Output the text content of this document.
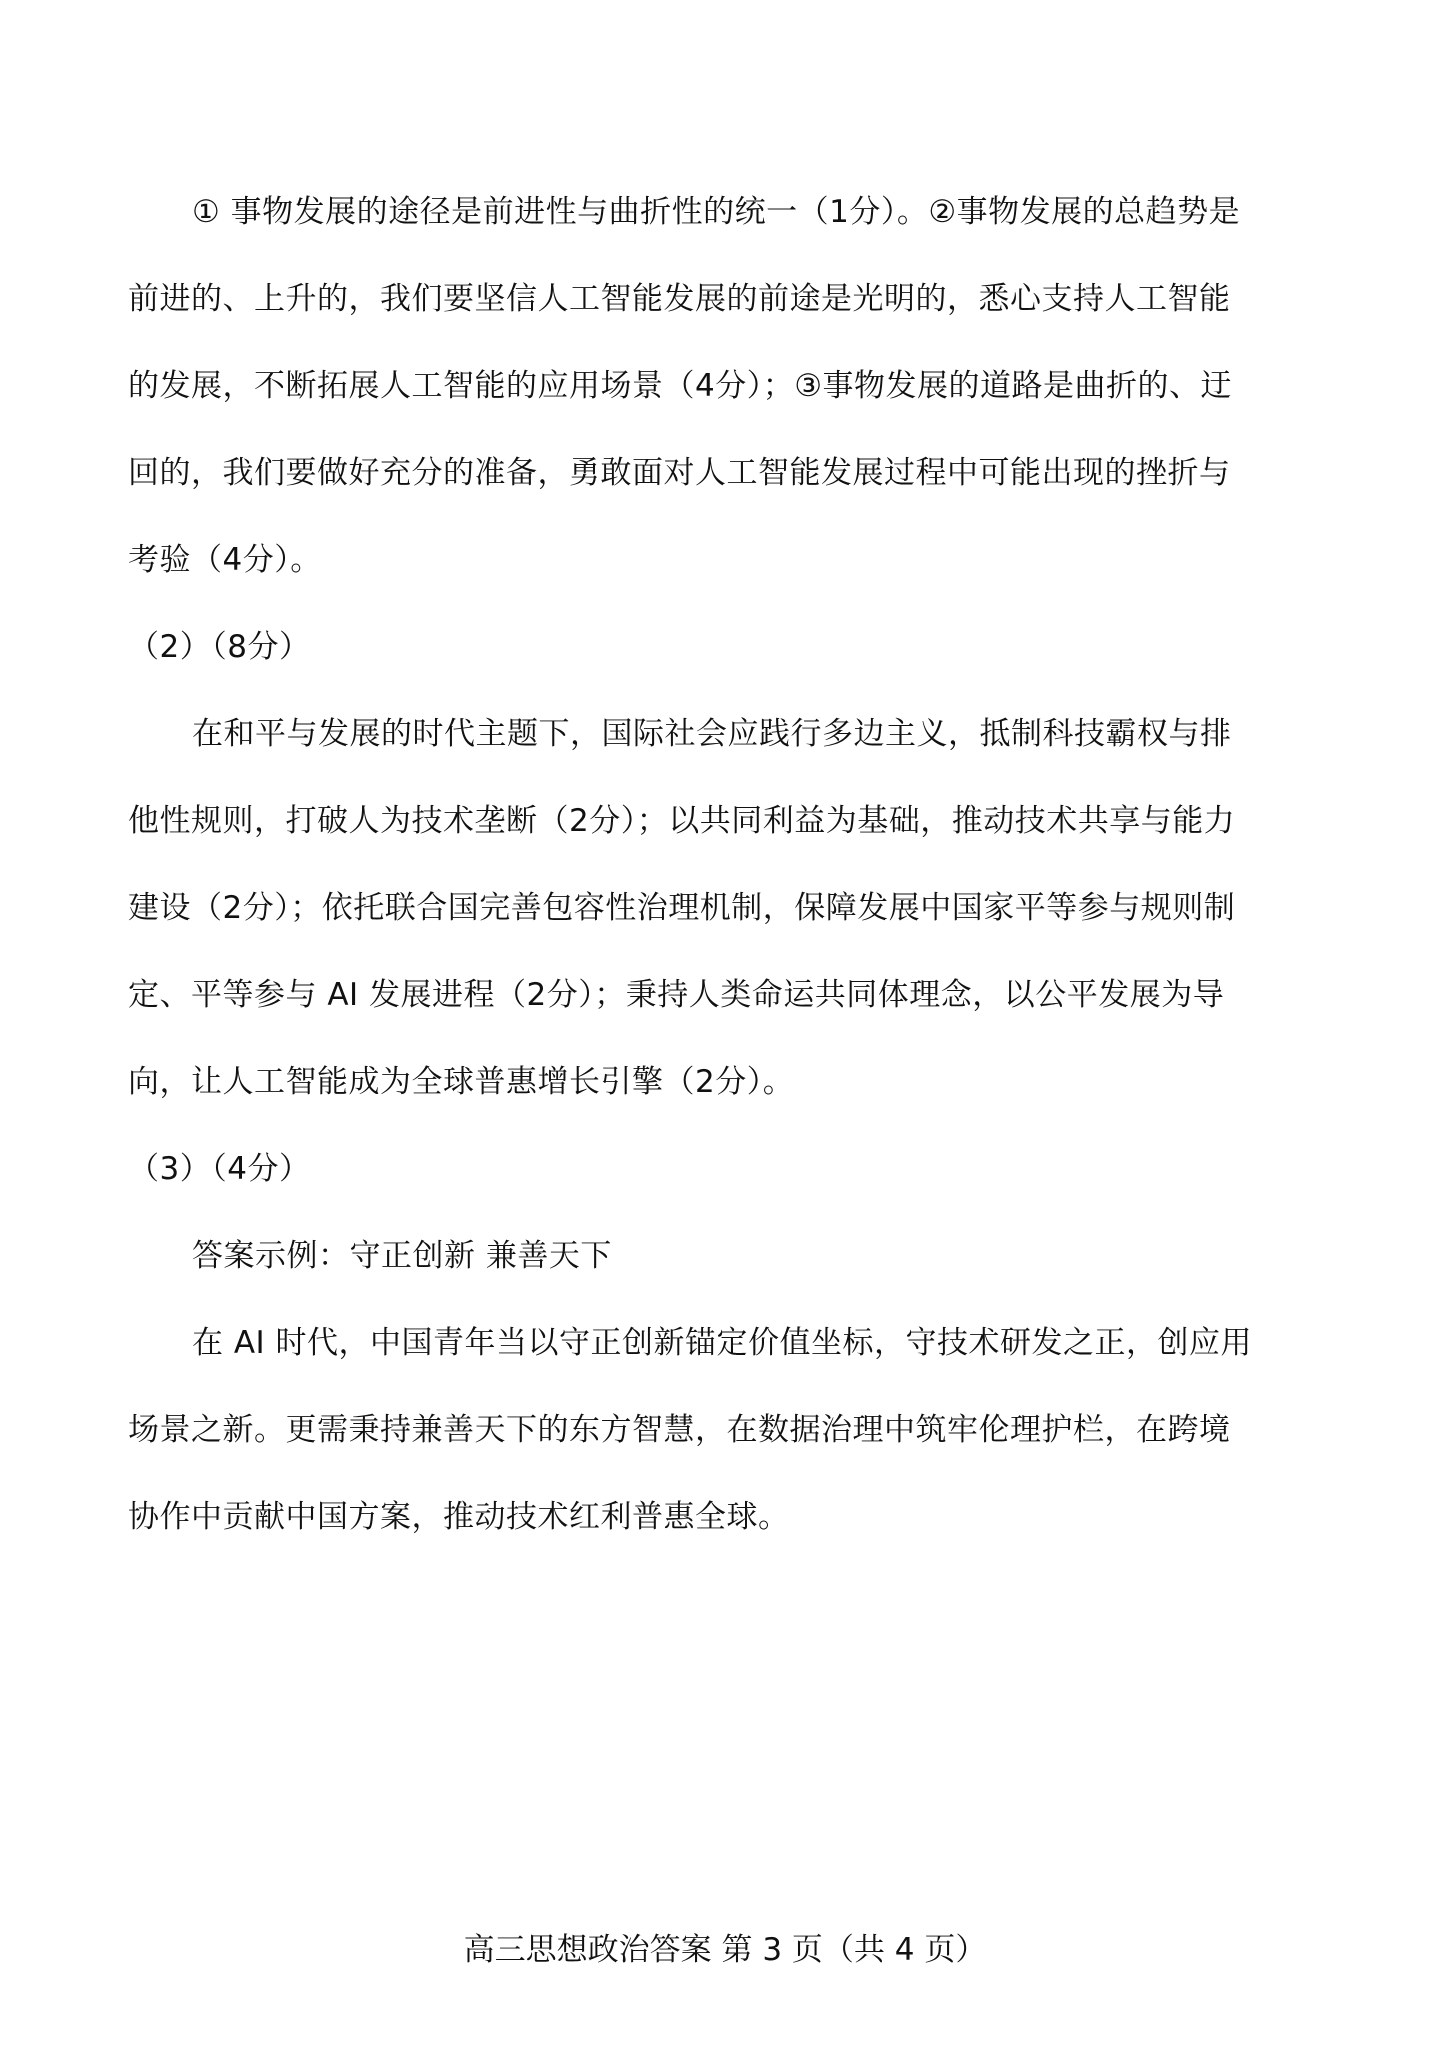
① 事物发展的途径是前进性与曲折性的统一（1分）。②事物发展的总趋势是
前进的、上升的，我们要坚信人工智能发展的前途是光明的，悉心支持人工智能
的发展，不断拓展人工智能的应用场景（4分）；③事物发展的道路是曲折的、迂
回的，我们要做好充分的准备，勇敢面对人工智能发展过程中可能出现的挫折与
考验（4分）。
（2）（8分）
在和平与发展的时代主题下，国际社会应践行多边主义，抵制科技霸权与排
他性规则，打破人为技术垄断（2分）；以共同利益为基础，推动技术共享与能力
建设（2分）；依托联合国完善包容性治理机制，保障发展中国家平等参与规则制
定、平等参与 AI 发展进程（2分）；秉持人类命运共同体理念，以公平发展为导
向，让人工智能成为全球普惠增长引擎（2分）。
（3）（4分）
答案示例：守正创新 兼善天下
在 AI 时代，中国青年当以守正创新锚定价值坐标，守技术研发之正，创应用
场景之新。更需秉持兼善天下的东方智慧，在数据治理中筑牢伦理护栏，在跨境
协作中贡献中国方案，推动技术红利普惠全球。
高三思想政治答案 第 3 页（共 4 页）
